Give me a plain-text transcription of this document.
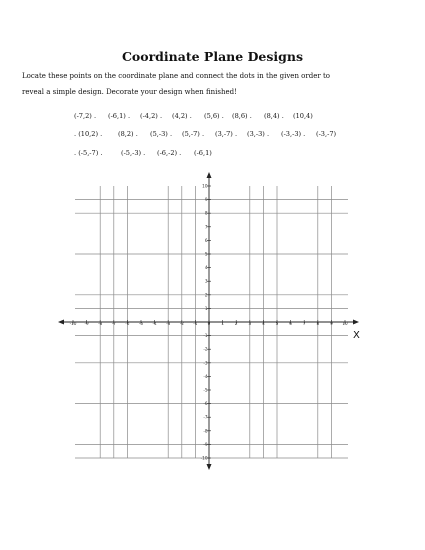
Coordinate Plane Designs
Locate these points on the coordinate plane and connect the dots in the given order to
reveal a simple design. Decorate your design when finished!
(-7,2) . (-6,1) . (-4,2) . (4,2) . (5,6) . (8,6) . (8,4) . (10,4)
. (10,2) . (8,2) . (5,-3) . (5,-7) . (3,-7) . (3,-3) . (-3,-3) . (-3,-7)
. (-5,-7) .	(-5,-3) . (-6,-2) . (-6,1)
-10 -9 -8 -7 -6 -5 -4 -3 -2 -1 0	1	2	3	4	5	6	7	8	9 10
10
9
8
7
6
5
4
3
2
1
-1
-2
-3
-4
-5
-6
-7
-8
-9
-10
X
